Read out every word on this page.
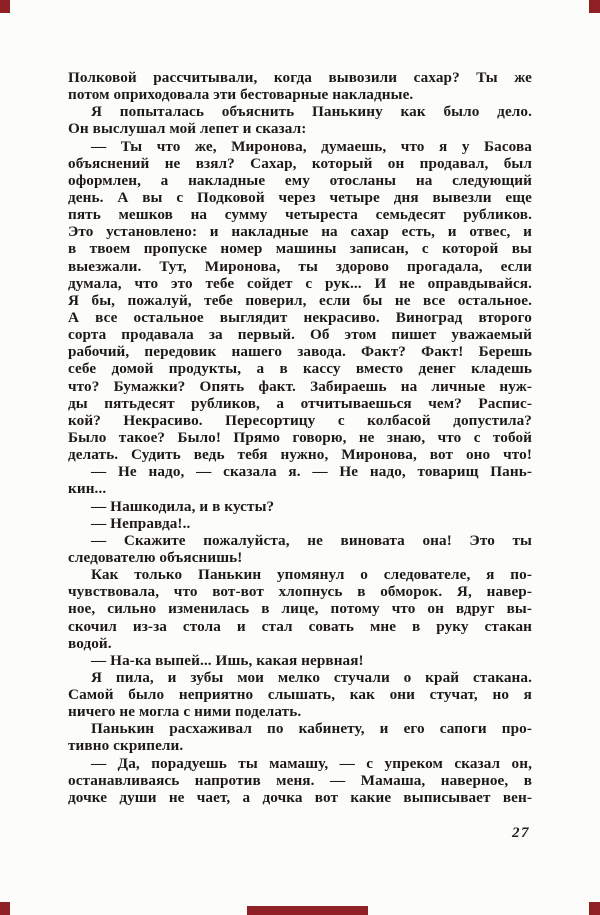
Полковой рассчитывали, когда вывозили сахар? Ты же
потом оприходовала эти бестоварные накладные.
Я попыталась объяснить Панькину как было дело.
Он выслушал мой лепет и сказал:
— Ты что же, Миронова, думаешь, что я у Басова
объяснений не взял? Сахар, который он продавал, был
оформлен, а накладные ему отосланы на следующий
день. А вы с Подковой через четыре дня вывезли еще
пять мешков на сумму четыреста семьдесят рубликов.
Это установлено: и накладные на сахар есть, и отвес, и
в твоем пропуске номер машины записан, с которой вы
выезжали. Тут, Миронова, ты здорово прогадала, если
думала, что это тебе сойдет с рук... И не оправдывайся.
Я бы, пожалуй, тебе поверил, если бы не все остальное.
А все остальное выглядит некрасиво. Виноград второго
сорта продавала за первый. Об этом пишет уважаемый
рабочий, передовик нашего завода. Факт? Факт! Берешь
себе домой продукты, а в кассу вместо денег кладешь
что? Бумажки? Опять факт. Забираешь на личные нуж-
ды пятьдесят рубликов, а отчитываешься чем? Распис-
кой? Некрасиво. Пересортицу с колбасой допустила?
Было такое? Было! Прямо говорю, не знаю, что с тобой
делать. Судить ведь тебя нужно, Миронова, вот оно что!
— Не надо, — сказала я. — Не надо, товарищ Пань-
кин...
— Нашкодила, и в кусты?
— Неправда!..
— Скажите пожалуйста, не виновата она! Это ты
следователю объяснишь!
Как только Панькин упомянул о следователе, я по-
чувствовала, что вот-вот хлопнусь в обморок. Я, навер-
ное, сильно изменилась в лице, потому что он вдруг вы-
скочил из-за стола и стал совать мне в руку стакан
водой.
— На-ка выпей... Ишь, какая нервная!
Я пила, и зубы мои мелко стучали о край стакана.
Самой было неприятно слышать, как они стучат, но я
ничего не могла с ними поделать.
Панькин расхаживал по кабинету, и его сапоги про-
тивно скрипели.
— Да, порадуешь ты мамашу, — с упреком сказал он,
останавливаясь напротив меня. — Мамаша, наверное, в
дочке души не чает, а дочка вот какие выписывает вен-
27
